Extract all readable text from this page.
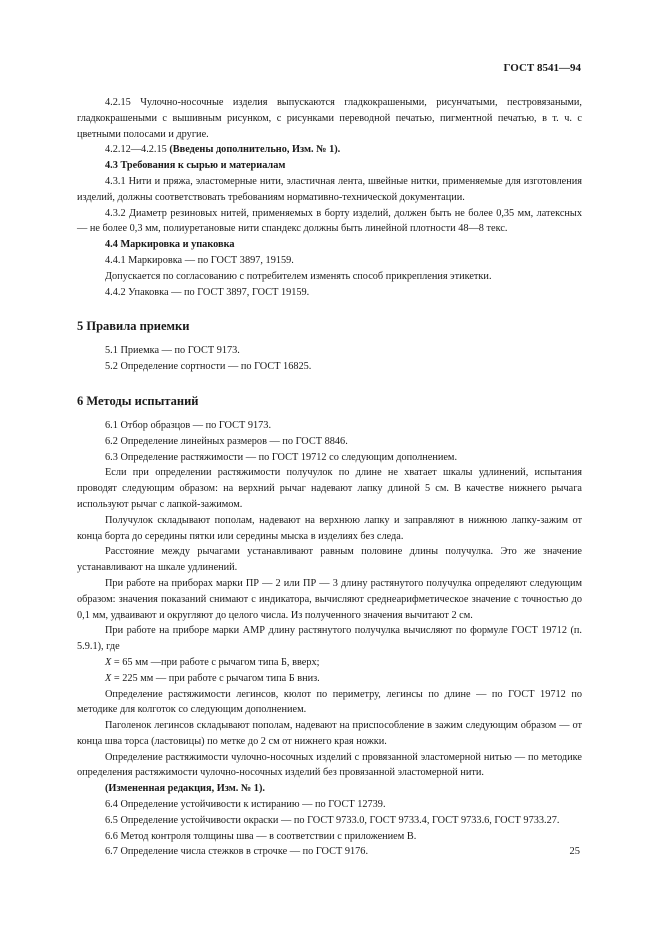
ГОСТ 8541—94

4.2.15 Чулочно-носочные изделия выпускаются гладкокрашеными, рисунчатыми, пестровязаными, гладкокрашеными с вышивным рисунком, с рисунками переводной печатью, пигментной печатью, в т. ч. с цветными полосами и другие.

4.2.12—4.2.15 (Введены дополнительно, Изм. № 1).

4.3 Требования к сырью и материалам

4.3.1 Нити и пряжа, эластомерные нити, эластичная лента, швейные нитки, применяемые для изготовления изделий, должны соответствовать требованиям нормативно-технической документации.

4.3.2 Диаметр резиновых нитей, применяемых в борту изделий, должен быть не более 0,35 мм, латексных — не более 0,3 мм, полиуретановые нити спандекс должны быть линейной плотности 48—8 текс.

4.4 Маркировка и упаковка

4.4.1 Маркировка — по ГОСТ 3897, 19159.

Допускается по согласованию с потребителем изменять способ прикрепления этикетки.

4.4.2 Упаковка — по ГОСТ 3897, ГОСТ 19159.

5 Правила приемки

5.1 Приемка — по ГОСТ 9173.

5.2 Определение сортности — по ГОСТ 16825.

6 Методы испытаний

6.1 Отбор образцов — по ГОСТ 9173.

6.2 Определение линейных размеров — по ГОСТ 8846.

6.3 Определение растяжимости — по ГОСТ 19712 со следующим дополнением.

Если при определении растяжимости получулок по длине не хватает шкалы удлинений, испытания проводят следующим образом: на верхний рычаг надевают лапку длиной 5 см. В качестве нижнего рычага используют рычаг с лапкой-зажимом.

Получулок складывают пополам, надевают на верхнюю лапку и заправляют в нижнюю лапку-зажим от конца борта до середины пятки или середины мыска в изделиях без следа.

Расстояние между рычагами устанавливают равным половине длины получулка. Это же значение устанавливают на шкале удлинений.

При работе на приборах марки ПР — 2 или ПР — 3 длину растянутого получулка определяют следующим образом: значения показаний снимают с индикатора, вычисляют среднеарифметическое значение с точностью до 0,1 мм, удваивают и округляют до целого числа. Из полученного значения вычитают 2 см.

При работе на приборе марки АМР длину растянутого получулка вычисляют по формуле ГОСТ 19712 (п. 5.9.1), где

X = 65 мм —при работе с рычагом типа Б, вверх;

X = 225 мм — при работе с рычагом типа Б вниз.

Определение растяжимости легинсов, кюлот по периметру, легинсы по длине — по ГОСТ 19712 по методике для колготок со следующим дополнением.

Паголенок легинсов складывают пополам, надевают на приспособление в зажим следующим образом — от конца шва торса (ластовицы) по метке до 2 см от нижнего края ножки.

Определение растяжимости чулочно-носочных изделий с провязанной эластомерной нитью — по методике определения растяжимости чулочно-носочных изделий без провязанной эластомерной нити.

(Измененная редакция, Изм. № 1).

6.4 Определение устойчивости к истиранию — по ГОСТ 12739.

6.5 Определение устойчивости окраски — по ГОСТ 9733.0, ГОСТ 9733.4, ГОСТ 9733.6, ГОСТ 9733.27.

6.6 Метод контроля толщины шва — в соответствии с приложением В.

6.7 Определение числа стежков в строчке — по ГОСТ 9176.	25
